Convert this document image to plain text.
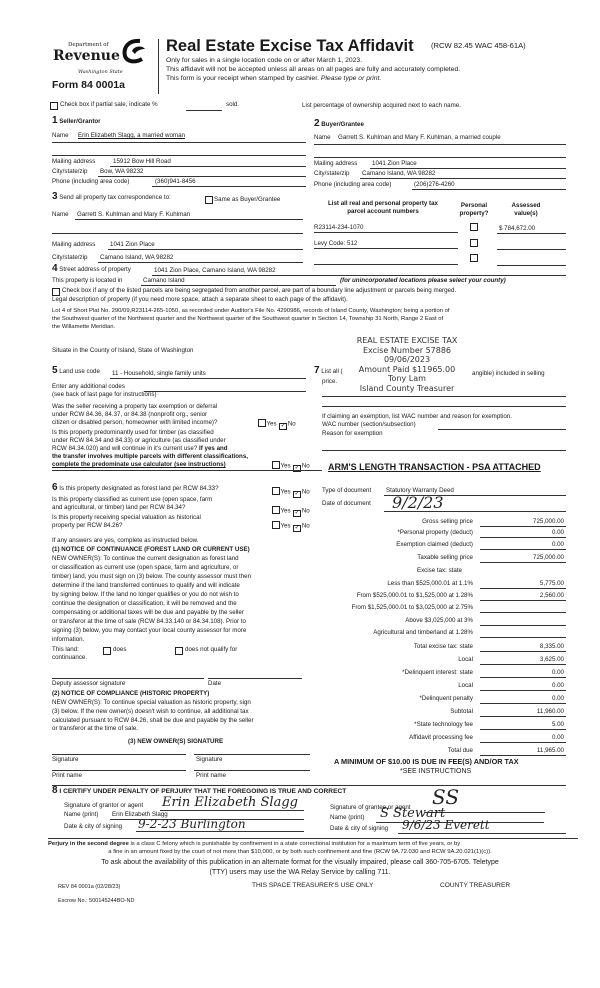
Department of
Revenue
Washington State
Form 84 0001a
Real Estate Excise Tax Affidavit (RCW 82.45 WAC 458-61A)
Only for sales in a single location code on or after March 1, 2023.
This affidavit will not be accepted unless all areas on all pages are fully and accurately completed.
This form is your receipt when stamped by cashier. Please type or print.
Check box if partial sale, indicate %	sold.	List percentage of ownership acquired next to each name.
1 Seller/Grantor
Name Erin Elizabeth Slagg, a married woman
Mailing address	15912 Bow Hill Road
City/state/zip Bow, WA 98232
Phone (including area code)	(360)941-8456
2 Buyer/Grantee
Name Garrett S. Kuhlman and Mary F. Kuhlman, a married couple
Mailing address 1041 Zion Place
City/state/zip Camano Island, WA 98282
Phone (including area code)	(206)276-4260
3 Send all property tax correspondence to:	Same as Buyer/Grantee
Name Garrett S. Kuhlman and Mary F. Kuhlman
Mailing address 1041 Zion Place
City/state/zip Camano Island, WA 98282
List all real and personal property tax
parcel account numbers
Personal
property?
Assessed
value(s)
R23114-234-1070	$ 784,672.00
Levy Code: 512
4 Street address of property	1041 Zion Place, Camano Island, WA 98282
This property is located in	Camano Island	(for unincorporated locations please select your county)
Check box if any of the listed parcels are being segregated from another parcel, are part of a boundary line adjustment or parcels being merged.
Legal description of property (if you need more space, attach a separate sheet to each page of the affidavit).
Lot 4 of Short Plat No. 290/09,R23114-265-1050, as recorded under Auditor's File No. 4290986, records of Island County, Washington; being a portion of
the Southwest quarter of the Northwest quarter and the Northwest quarter of the Southwest quarter in Section 14, Township 31 North, Range 2 East of
the Willamette Meridian.
Situate in the County of Island, State of Washington
REAL ESTATE EXCISE TAX
Excise Number 57886
09/06/2023
Amount Paid $11965.00
Tony Lam
Island County Treasurer
5 Land use code 11 - Household, single family units
Enter any additional codes
(see back of last page for instructions)
Was the seller receiving a property tax exemption or deferral
under RCW 84.36, 84.37, or 84.38 (nonprofit org., senior
citizen or disabled person, homeowner with limited income)?	Yes ✓ No
Is this property predominantly used for timber (as classified
under RCW 84.34 and 84.33) or agriculture (as classified under
RCW 84.34.020) and will continue in it's current use? If yes and
the transfer involves multiple parcels with different classifications,
complete the predominate use calculator (see instructions)	Yes ✓ No
7 List all (	angible) included in selling
price.
If claiming an exemption, list WAC number and reason for exemption.
WAC number (section/subsection)
Reason for exemption
ARM'S LENGTH TRANSACTION - PSA ATTACHED
6 Is this property designated as forest land per RCW 84.33?	Yes ✓ No
Is this property classified as current use (open space, farm
and agricultural, or timber) land per RCW 84.34?	Yes ✓ No
Is this property receiving special valuation as historical
property per RCW 84.26?	Yes ✓ No
If any answers are yes, complete as instructed below.
(1) NOTICE OF CONTINUANCE (FOREST LAND OR CURRENT USE)
NEW OWNER(S): To continue the current designation as forest land
or classification as current use (open space, farm and agriculture, or
timber) land, you must sign on (3) below. The county assessor must then
determine if the land transferred continues to qualify and will indicate
by signing below. If the land no longer qualifies or you do not wish to
continue the designation or classification, it will be removed and the
compensating or additional taxes will be due and payable by the seller
or transferor at the time of sale (RCW 84.33.140 or 84.34.108). Prior to
signing (3) below, you may contact your local county assessor for more
information.
This land:	does	does not qualify for
continuance.
Deputy assessor signature	Date
(2) NOTICE OF COMPLIANCE (HISTORIC PROPERTY)
NEW OWNER(S): To continue special valuation as historic property, sign
(3) below. If the new owner(s) doesn't wish to continue, all additional tax
calculated pursuant to RCW 84.26, shall be due and payable by the seller
or transferor at the time of sale.
(3) NEW OWNER(S) SIGNATURE
Signature	Signature
Print name	Print name
Type of document Statutory Warranty Deed
Date of document 9/2/23
Gross selling price	725,000.00
*Personal property (deduct)	0.00
Exemption claimed (deduct)	0.00
Taxable selling price	725,000.00
Excise tax: state
Less than $525,000.01 at 1.1%	5,775.00
From $525,000.01 to $1,525,000 at 1.28%	2,560.00
From $1,525,000.01 to $3,025,000 at 2.75%
Above $3,025,000 at 3%
Agricultural and timberland at 1.28%
Total excise tax: state	8,335.00
Local	3,625.00
*Delinquent interest: state	0.00
Local	0.00
*Delinquent penalty	0.00
Subtotal	11,960.00
*State technology fee	5.00
Affidavit processing fee	0.00
Total due	11,965.00
A MINIMUM OF $10.00 IS DUE IN FEE(S) AND/OR TAX
*SEE INSTRUCTIONS
8 I CERTIFY UNDER PENALTY OF PERJURY THAT THE FOREGOING IS TRUE AND CORRECT
Signature of grantor or agent Erin Elizabeth Slagg
Name (print) Erin Elizabeth Slagg
Date & city of signing 9-2-23 Burlington
Signature of grantee or agent SS
Name (print) S Stewart
Date & city of signing 9/6/23 Everett
Perjury in the second degree is a class C felony which is punishable by confinement in a state correctional institution for a maximum term of five years, or by
a fine in an amount fixed by the court of not more than $10,000, or by both such confinement and fine (RCW 9A.72.030 and RCW 9A.20.021(1)(c)).
To ask about the availability of this publication in an alternate format for the visually impaired, please call 360-705-6705. Teletype
(TTY) users may use the WA Relay Service by calling 711.
REV 84 0001a (02/28/23)	THIS SPACE TREASURER'S USE ONLY	COUNTY TREASURER
Escrow No.: 500145244BO-ND
